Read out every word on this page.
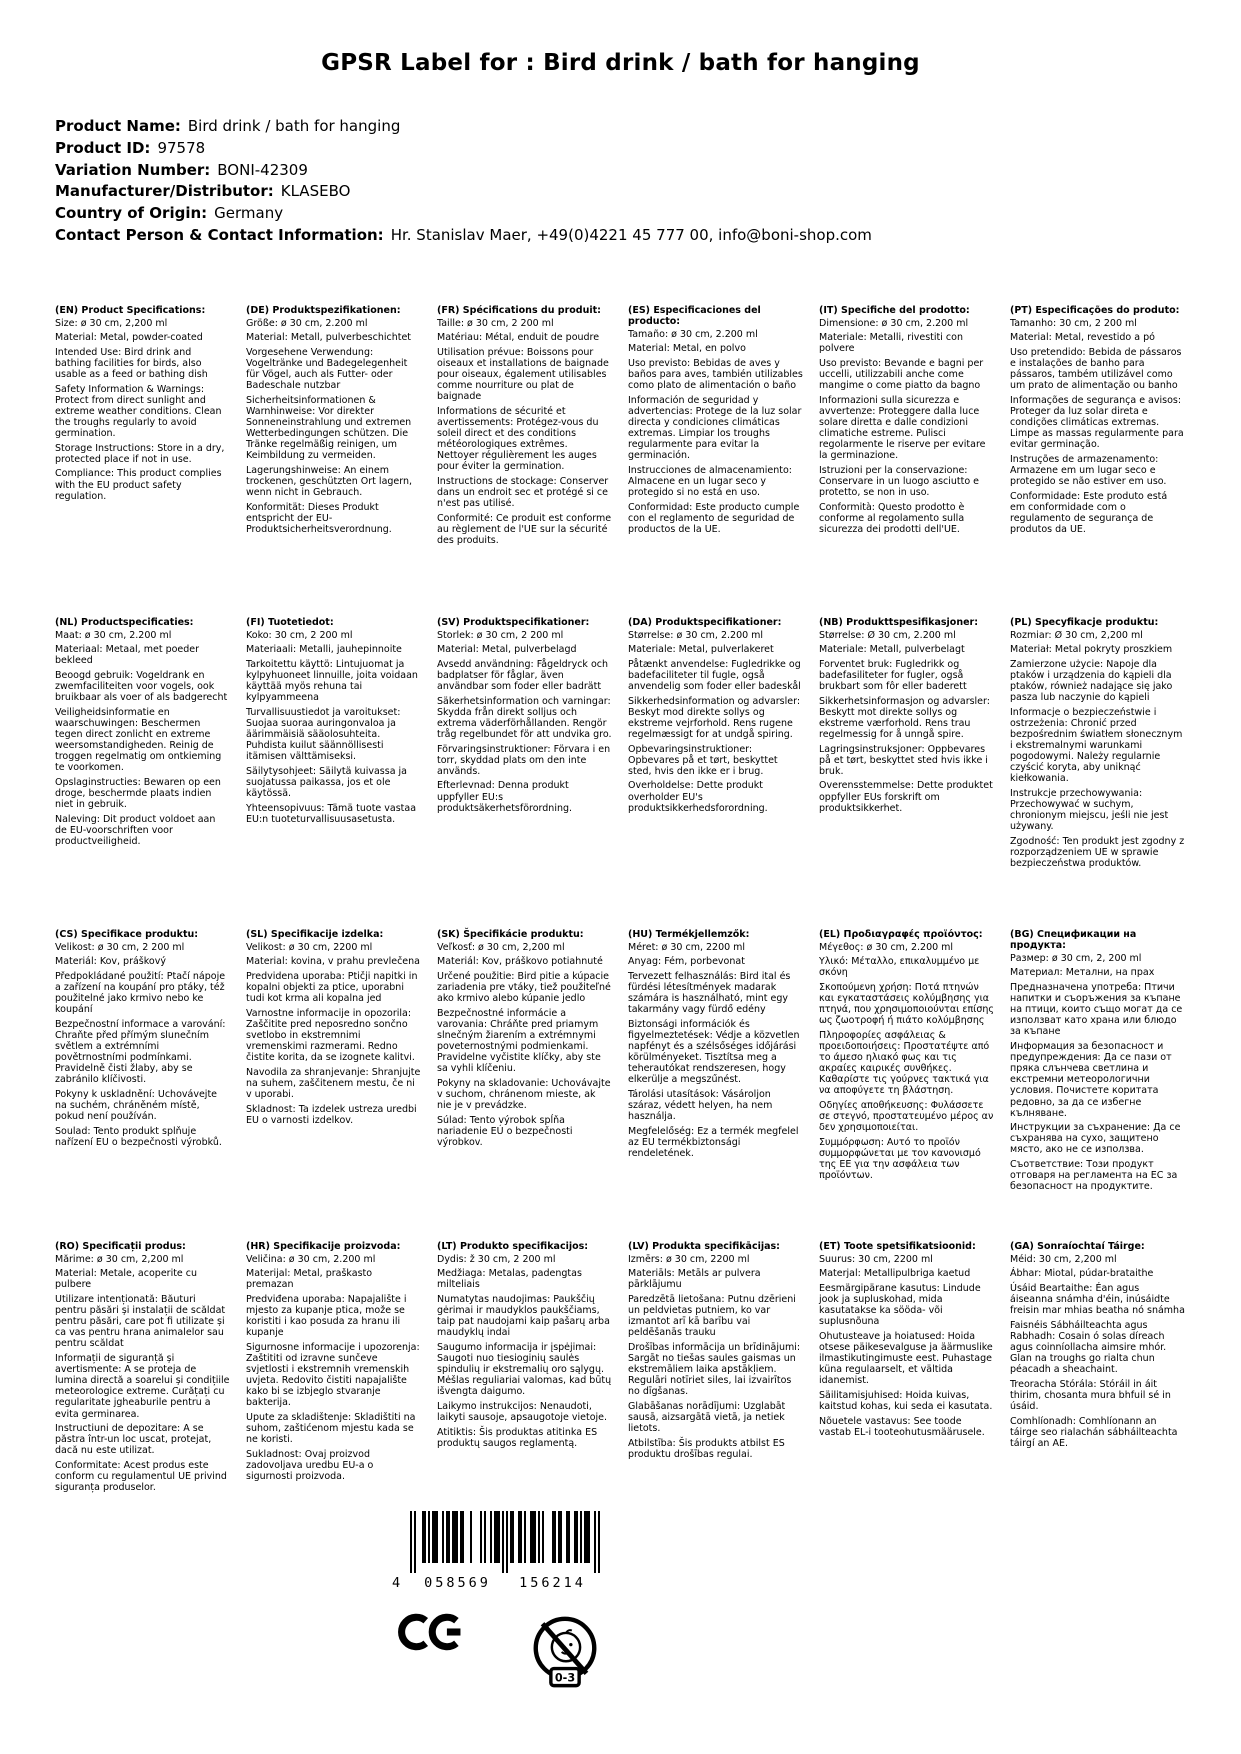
GPSR Label for : Bird drink / bath for hanging
Product Name: Bird drink / bath for hanging
Product ID: 97578
Variation Number: BONI-42309
Manufacturer/Distributor: KLASEBO
Country of Origin: Germany
Contact Person & Contact Information: Hr. Stanislav Maer, +49(0)4221 45 777 00, info@boni-shop.com
(EN) Product Specifications:

Size: ø 30 cm, 2,200 ml

Material: Metal, powder-coated

Intended Use: Bird drink and bathing facilities for birds, also usable as a feed or bathing dish

Safety Information & Warnings: Protect from direct sunlight and extreme weather conditions. Clean the troughs regularly to avoid germination.

Storage Instructions: Store in a dry, protected place if not in use.

Compliance: This product complies with the EU product safety regulation.

(DE) Produktspezifikationen:

Größe: ø 30 cm, 2.200 ml

Material: Metall, pulverbeschichtet

Vorgesehene Verwendung: Vogeltränke und Badegelegenheit für Vögel, auch als Futter- oder Badeschale nutzbar

Sicherheitsinformationen & Warnhinweise: Vor direkter Sonneneinstrahlung und extremen Wetterbedingungen schützen. Die Tränke regelmäßig reinigen, um Keimbildung zu vermeiden.

Lagerungshinweise: An einem trockenen, geschützten Ort lagern, wenn nicht in Gebrauch.

Konformität: Dieses Produkt entspricht der EU-Produktsicherheitsverordnung.

(FR) Spécifications du produit:

Taille: ø 30 cm, 2 200 ml

Matériau: Métal, enduit de poudre

Utilisation prévue: Boissons pour oiseaux et installations de baignade pour oiseaux, également utilisables comme nourriture ou plat de baignade

Informations de sécurité et avertissements: Protégez-vous du soleil direct et des conditions météorologiques extrêmes. Nettoyer régulièrement les auges pour éviter la germination.

Instructions de stockage: Conserver dans un endroit sec et protégé si ce n'est pas utilisé.

Conformité: Ce produit est conforme au règlement de l'UE sur la sécurité des produits.

(ES) Especificaciones del producto:

Tamaño: ø 30 cm, 2.200 ml

Material: Metal, en polvo

Uso previsto: Bebidas de aves y baños para aves, también utilizables como plato de alimentación o baño

Información de seguridad y advertencias: Protege de la luz solar directa y condiciones climáticas extremas. Limpiar los troughs regularmente para evitar la germinación.

Instrucciones de almacenamiento: Almacene en un lugar seco y protegido si no está en uso.

Conformidad: Este producto cumple con el reglamento de seguridad de productos de la UE.

(IT) Specifiche del prodotto:

Dimensione: ø 30 cm, 2.200 ml

Materiale: Metalli, rivestiti con polvere

Uso previsto: Bevande e bagni per uccelli, utilizzabili anche come mangime o come piatto da bagno

Informazioni sulla sicurezza e avvertenze: Proteggere dalla luce solare diretta e dalle condizioni climatiche estreme. Pulisci regolarmente le riserve per evitare la germinazione.

Istruzioni per la conservazione: Conservare in un luogo asciutto e protetto, se non in uso.

Conformità: Questo prodotto è conforme al regolamento sulla sicurezza dei prodotti dell'UE.

(PT) Especificações do produto:

Tamanho: 30 cm, 2 200 ml

Material: Metal, revestido a pó

Uso pretendido: Bebida de pássaros e instalações de banho para pássaros, também utilizável como um prato de alimentação ou banho

Informações de segurança e avisos: Proteger da luz solar direta e condições climáticas extremas. Limpe as massas regularmente para evitar germinação.

Instruções de armazenamento: Armazene em um lugar seco e protegido se não estiver em uso.

Conformidade: Este produto está em conformidade com o regulamento de segurança de produtos da UE.

(NL) Productspecificaties:

Maat: ø 30 cm, 2.200 ml

Materiaal: Metaal, met poeder bekleed

Beoogd gebruik: Vogeldrank en zwemfaciliteiten voor vogels, ook bruikbaar als voer of als badgerecht

Veiligheidsinformatie en waarschuwingen: Beschermen tegen direct zonlicht en extreme weersomstandigheden. Reinig de troggen regelmatig om ontkieming te voorkomen.

Opslaginstructies: Bewaren op een droge, beschermde plaats indien niet in gebruik.

Naleving: Dit product voldoet aan de EU-voorschriften voor productveiligheid.

(FI) Tuotetiedot:

Koko: 30 cm, 2 200 ml

Materiaali: Metalli, jauhepinnoite

Tarkoitettu käyttö: Lintujuomat ja kylpyhuoneet linnuille, joita voidaan käyttää myös rehuna tai kylpyammeena

Turvallisuustiedot ja varoitukset: Suojaa suoraa auringonvaloa ja äärimmäisiä sääolosuhteita. Puhdista kuilut säännöllisesti itämisen välttämiseksi.

Säilytysohjeet: Säilytä kuivassa ja suojatussa paikassa, jos et ole käytössä.

Yhteensopivuus: Tämä tuote vastaa EU:n tuoteturvallisuusasetusta.

(SV) Produktspecifikationer:

Storlek: ø 30 cm, 2 200 ml

Material: Metal, pulverbelagd

Avsedd användning: Fågeldryck och badplatser för fåglar, även användbar som foder eller badrätt

Säkerhetsinformation och varningar: Skydda från direkt solljus och extrema väderförhållanden. Rengör tråg regelbundet för att undvika gro.

Förvaringsinstruktioner: Förvara i en torr, skyddad plats om den inte används.

Efterlevnad: Denna produkt uppfyller EU:s produktsäkerhetsförordning.

(DA) Produktspecifikationer:

Størrelse: ø 30 cm, 2.200 ml

Materiale: Metal, pulverlakeret

Påtænkt anvendelse: Fugledrikke og badefaciliteter til fugle, også anvendelig som foder eller badeskål

Sikkerhedsinformation og advarsler: Beskyt mod direkte sollys og ekstreme vejrforhold. Rens rugene regelmæssigt for at undgå spiring.

Opbevaringsinstruktioner: Opbevares på et tørt, beskyttet sted, hvis den ikke er i brug.

Overholdelse: Dette produkt overholder EU's produktsikkerhedsforordning.

(NB) Produkttspesifikasjoner:

Størrelse: Ø 30 cm, 2.200 ml

Materiale: Metall, pulverbelagt

Forventet bruk: Fugledrikk og badefasiliteter for fugler, også brukbart som fôr eller baderett

Sikkerhetsinformasjon og advarsler: Beskytt mot direkte sollys og ekstreme værforhold. Rens trau regelmessig for å unngå spire.

Lagringsinstruksjoner: Oppbevares på et tørt, beskyttet sted hvis ikke i bruk.

Overensstemmelse: Dette produktet oppfyller EUs forskrift om produktsikkerhet.

(PL) Specyfikacje produktu:

Rozmiar: Ø 30 cm, 2,200 ml

Materiał: Metal pokryty proszkiem

Zamierzone użycie: Napoje dla ptaków i urządzenia do kąpieli dla ptaków, również nadające się jako pasza lub naczynie do kąpieli

Informacje o bezpieczeństwie i ostrzeżenia: Chronić przed bezpośrednim światłem słonecznym i ekstremalnymi warunkami pogodowymi. Należy regularnie czyścić koryta, aby uniknąć kiełkowania.

Instrukcje przechowywania: Przechowywać w suchym, chronionym miejscu, jeśli nie jest używany.

Zgodność: Ten produkt jest zgodny z rozporządzeniem UE w sprawie bezpieczeństwa produktów.

(CS) Specifikace produktu:

Velikost: ø 30 cm, 2 200 ml

Materiál: Kov, práškový

Předpokládané použití: Ptačí nápoje a zařízení na koupání pro ptáky, též použitelné jako krmivo nebo ke koupání

Bezpečnostní informace a varování: Chraňte před přímým slunečním světlem a extrémními povětrnostními podmínkami. Pravidelně čisti žlaby, aby se zabránilo klíčivosti.

Pokyny k uskladnění: Uchovávejte na suchém, chráněném místě, pokud není používán.

Soulad: Tento produkt splňuje nařízení EU o bezpečnosti výrobků.

(SL) Specifikacije izdelka:

Velikost: ø 30 cm, 2200 ml

Material: kovina, v prahu prevlečena

Predvidena uporaba: Ptičji napitki in kopalni objekti za ptice, uporabni tudi kot krma ali kopalna jed

Varnostne informacije in opozorila: Zaščitite pred neposredno sončno svetlobo in ekstremnimi vremenskimi razmerami. Redno čistite korita, da se izognete kalitvi.

Navodila za shranjevanje: Shranjujte na suhem, zaščitenem mestu, če ni v uporabi.

Skladnost: Ta izdelek ustreza uredbi EU o varnosti izdelkov.

(SK) Špecifikácie produktu:

Veľkosť: ø 30 cm, 2,200 ml

Materiál: Kov, práškovo potiahnuté

Určené použitie: Bird pitie a kúpacie zariadenia pre vtáky, tiež použiteľné ako krmivo alebo kúpanie jedlo

Bezpečnostné informácie a varovania: Chráňte pred priamym slnečným žiarením a extrémnymi poveternostnými podmienkami. Pravidelne vyčistite klíčky, aby ste sa vyhli klíčeniu.

Pokyny na skladovanie: Uchovávajte v suchom, chránenom mieste, ak nie je v prevádzke.

Súlad: Tento výrobok spĺňa nariadenie EÚ o bezpečnosti výrobkov.

(HU) Termékjellemzők:

Méret: ø 30 cm, 2200 ml

Anyag: Fém, porbevonat

Tervezett felhasználás: Bird ital és fürdési létesítmények madarak számára is használható, mint egy takarmány vagy fürdő edény

Biztonsági információk és figyelmeztetések: Védje a közvetlen napfényt és a szélsőséges időjárási körülményeket. Tisztítsa meg a teherautókat rendszeresen, hogy elkerülje a megszűnést.

Tárolási utasítások: Vásároljon száraz, védett helyen, ha nem használja.

Megfelelőség: Ez a termék megfelel az EU termékbiztonsági rendeletének.

(EL) Προδιαγραφές προϊόντος:

Μέγεθος: ø 30 cm, 2.200 ml

Υλικό: Μέταλλο, επικαλυμμένο με σκόνη

Σκοπούμενη χρήση: Ποτά πτηνών και εγκαταστάσεις κολύμβησης για πτηνά, που χρησιμοποιούνται επίσης ως ζωοτροφή ή πιάτο κολύμβησης

Πληροφορίες ασφάλειας & προειδοποιήσεις: Προστατέψτε από το άμεσο ηλιακό φως και τις ακραίες καιρικές συνθήκες. Καθαρίστε τις γούρνες τακτικά για να αποφύγετε τη βλάστηση.

Οδηγίες αποθήκευσης: Φυλάσσετε σε στεγνό, προστατευμένο μέρος αν δεν χρησιμοποιείται.

Συμμόρφωση: Αυτό το προϊόν συμμορφώνεται με τον κανονισμό της ΕΕ για την ασφάλεια των προϊόντων.

(BG) Спецификации на продукта:

Размер: ø 30 cm, 2, 200 ml

Материал: Метални, на прах

Предназначена употреба: Птичи напитки и съоръжения за къпане на птици, които също могат да се използват като храна или блюдо за къпане

Информация за безопасност и предупреждения: Да се пази от пряка слънчева светлина и екстремни метеорологични условия. Почистете коритата редовно, за да се избегне кълняване.

Инструкции за съхранение: Да се съхранява на сухо, защитено място, ако не се използва.

Съответствие: Този продукт отговаря на регламента на ЕС за безопасност на продуктите.

(RO) Specificații produs:

Mărime: ø 30 cm, 2,200 ml

Material: Metale, acoperite cu pulbere

Utilizare intenționată: Băuturi pentru păsări și instalații de scăldat pentru păsări, care pot fi utilizate și ca vas pentru hrana animalelor sau pentru scăldat

Informații de siguranță și avertismente: A se proteja de lumina directă a soarelui și condițiile meteorologice extreme. Curățați cu regularitate jgheaburile pentru a evita germinarea.

Instructiuni de depozitare: A se păstra într-un loc uscat, protejat, dacă nu este utilizat.

Conformitate: Acest produs este conform cu regulamentul UE privind siguranța produselor.

(HR) Specifikacije proizvoda:

Veličina: ø 30 cm, 2.200 ml

Materijal: Metal, praškasto premazan

Predviđena uporaba: Napajalište i mjesto za kupanje ptica, može se koristiti i kao posuda za hranu ili kupanje

Sigurnosne informacije i upozorenja: Zaštititi od izravne sunčeve svjetlosti i ekstremnih vremenskih uvjeta. Redovito čistiti napajalište kako bi se izbjeglo stvaranje bakterija.

Upute za skladištenje: Skladištiti na suhom, zaštićenom mjestu kada se ne koristi.

Sukladnost: Ovaj proizvod zadovoljava uredbu EU-a o sigurnosti proizvoda.

(LT) Produkto specifikacijos:

Dydis: ž 30 cm, 2 200 ml

Medžiaga: Metalas, padengtas milteliais

Numatytas naudojimas: Paukščių gėrimai ir maudyklos paukščiams, taip pat naudojami kaip pašarų arba maudyklų indai

Saugumo informacija ir įspėjimai: Saugoti nuo tiesioginių saulės spindulių ir ekstremalių oro sąlygų. Mėšlas reguliariai valomas, kad būtų išvengta daigumo.

Laikymo instrukcijos: Nenaudoti, laikyti sausoje, apsaugotoje vietoje.

Atitiktis: Šis produktas atitinka ES produktų saugos reglamentą.

(LV) Produkta specifikācijas:

Izmērs: ø 30 cm, 2200 ml

Materiāls: Metāls ar pulvera pārklājumu

Paredzētā lietošana: Putnu dzērieni un peldvietas putniem, ko var izmantot arī kā barību vai peldēšanās trauku

Drošības informācija un brīdinājumi: Sargāt no tiešas saules gaismas un ekstremāliem laika apstākļiem. Regulāri notīriet siles, lai izvairītos no dīgšanas.

Glabāšanas norādījumi: Uzglabāt sausā, aizsargātā vietā, ja netiek lietots.

Atbilstība: Šis produkts atbilst ES produktu drošības regulai.

(ET) Toote spetsifikatsioonid:

Suurus: 30 cm, 2200 ml

Materjal: Metallipulbriga kaetud

Eesmärgipärane kasutus: Lindude jook ja supluskohad, mida kasutatakse ka sööda- või suplusnõuna

Ohutusteave ja hoiatused: Hoida otsese päikesevalguse ja äärmuslike ilmastikutingimuste eest. Puhastage küna regulaarselt, et vältida idanemist.

Säilitamisjuhised: Hoida kuivas, kaitstud kohas, kui seda ei kasutata.

Nõuetele vastavus: See toode vastab EL-i tooteohutusmäärusele.

(GA) Sonraíochtaí Táirge:

Méid: 30 cm, 2,200 ml

Ábhar: Miotal, púdar-brataithe

Úsáid Beartaithe: Éan agus áiseanna snámha d'éin, inúsáidte freisin mar mhias beatha nó snámha

Faisnéis Sábháilteachta agus Rabhadh: Cosain ó solas díreach agus coinníollacha aimsire mhór. Glan na troughs go rialta chun péacadh a sheachaint.

Treoracha Stórála: Stóráil in áit thirim, chosanta mura bhfuil sé in úsáid.

Comhlíonadh: Comhlíonann an táirge seo rialachán sábháilteachta táirgí an AE.

4	058569	156214
0-3
